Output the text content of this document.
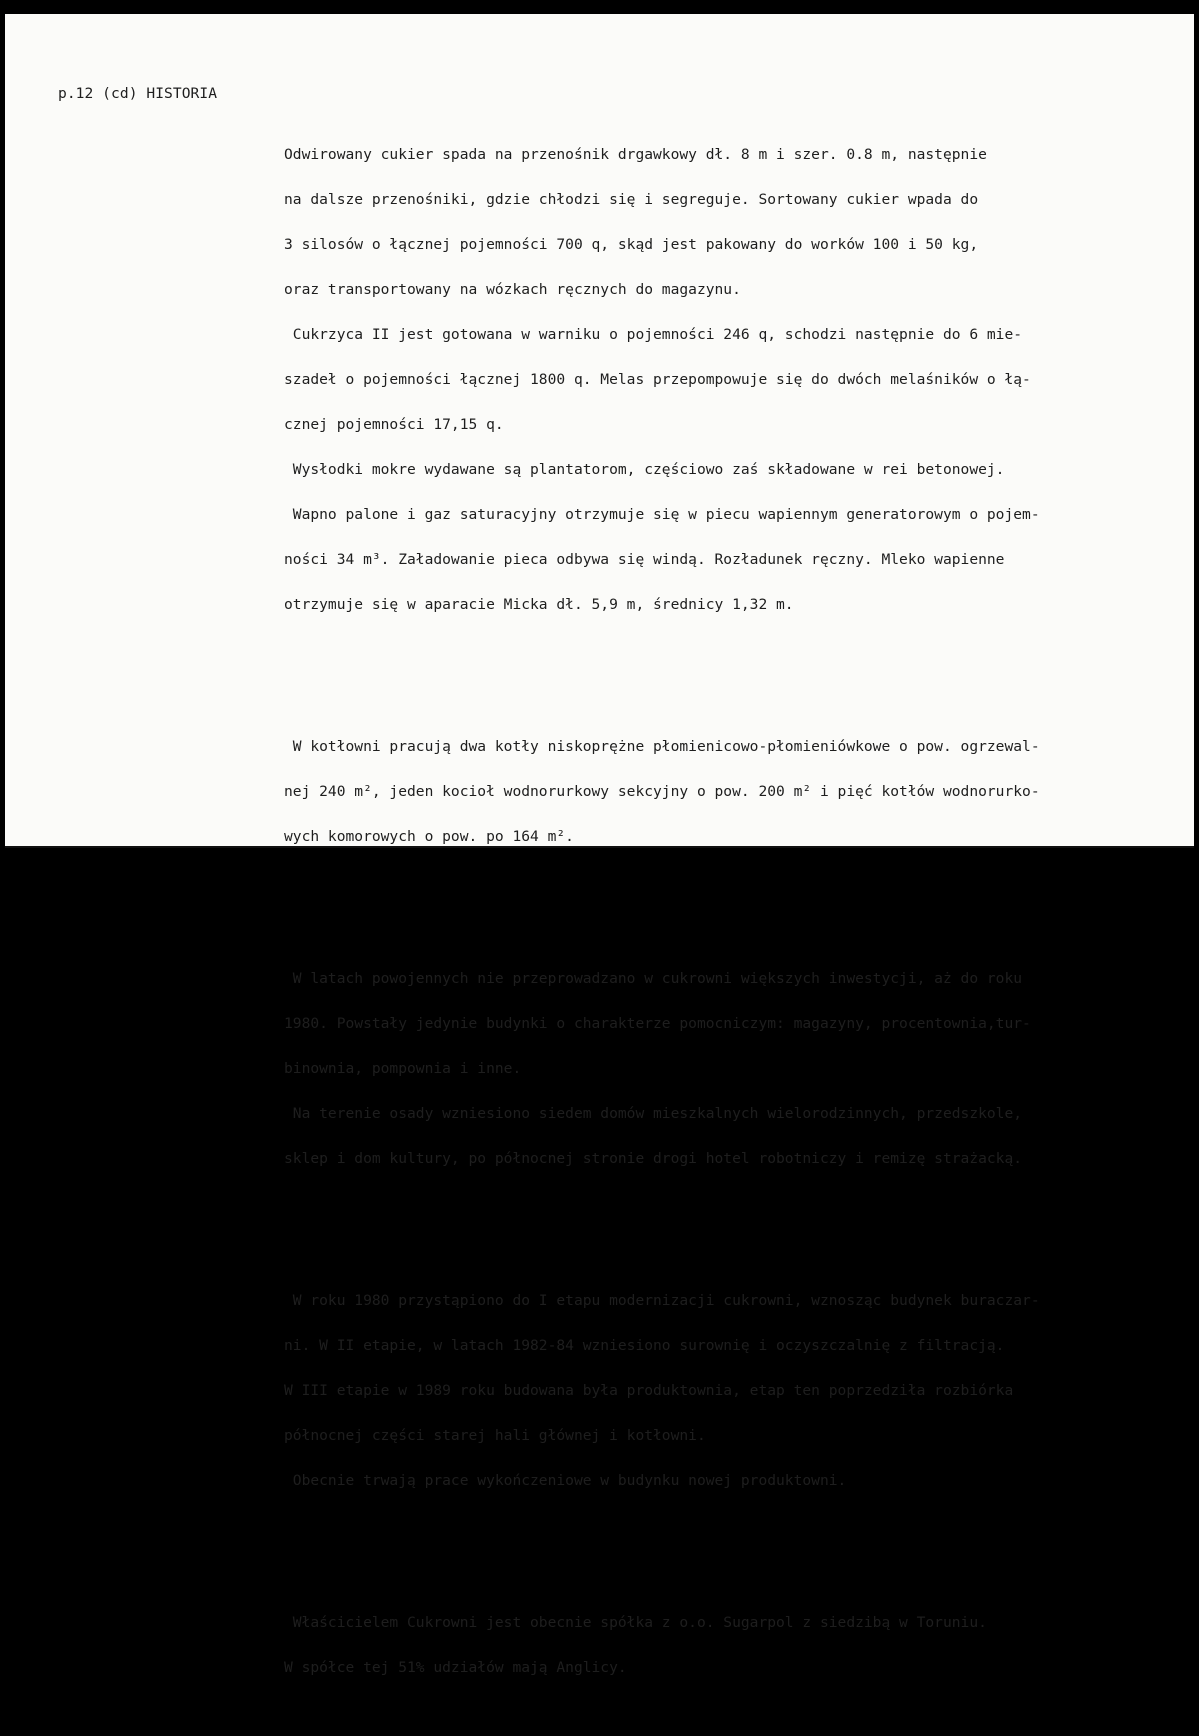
p.12 (cd) HISTORIA

Odwirowany cukier spada na przenośnik drgawkowy dł. 8 m i szer. 0.8 m, następnie

na dalsze przenośniki, gdzie chłodzi się i segreguje. Sortowany cukier wpada do

3 silosów o łącznej pojemności 700 q, skąd jest pakowany do worków 100 i 50 kg,

oraz transportowany na wózkach ręcznych do magazynu.

Cukrzyca II jest gotowana w warniku o pojemności 246 q, schodzi następnie do 6 mie-

szadeł o pojemności łącznej 1800 q. Melas przepompowuje się do dwóch melaśników o łą-

cznej pojemności 17,15 q.

Wysłodki mokre wydawane są plantatorom, częściowo zaś składowane w rei betonowej.

Wapno palone i gaz saturacyjny otrzymuje się w piecu wapiennym generatorowym o pojem-

ności 34 m³. Załadowanie pieca odbywa się windą. Rozładunek ręczny. Mleko wapienne

otrzymuje się w aparacie Micka dł. 5,9 m, średnicy 1,32 m.

W kotłowni pracują dwa kotły niskoprężne płomienicowo-płomieniówkowe o pow. ogrzewal-

nej 240 m², jeden kocioł wodnorurkowy sekcyjny o pow. 200 m² i pięć kotłów wodnorurko-

wych komorowych o pow. po 164 m².

W latach powojennych nie przeprowadzano w cukrowni większych inwestycji, aż do roku

1980. Powstały jedynie budynki o charakterze pomocniczym: magazyny, procentownia,tur-

binownia, pompownia i inne.

Na terenie osady wzniesiono siedem domów mieszkalnych wielorodzinnych, przedszkole,

sklep i dom kultury, po północnej stronie drogi hotel robotniczy i remizę strażacką.

W roku 1980 przystąpiono do I etapu modernizacji cukrowni, wznosząc budynek buraczar-

ni. W II etapie, w latach 1982-84 wzniesiono surownię i oczyszczalnię z filtracją.

W III etapie w 1989 roku budowana była produktownia, etap ten poprzedziła rozbiórka

północnej części starej hali głównej i kotłowni.

Obecnie trwają prace wykończeniowe w budynku nowej produktowni.

Właścicielem Cukrowni jest obecnie spółka z o.o. Sugarpol z siedzibą w Toruniu.

W spółce tej 51% udziałów mają Anglicy.
